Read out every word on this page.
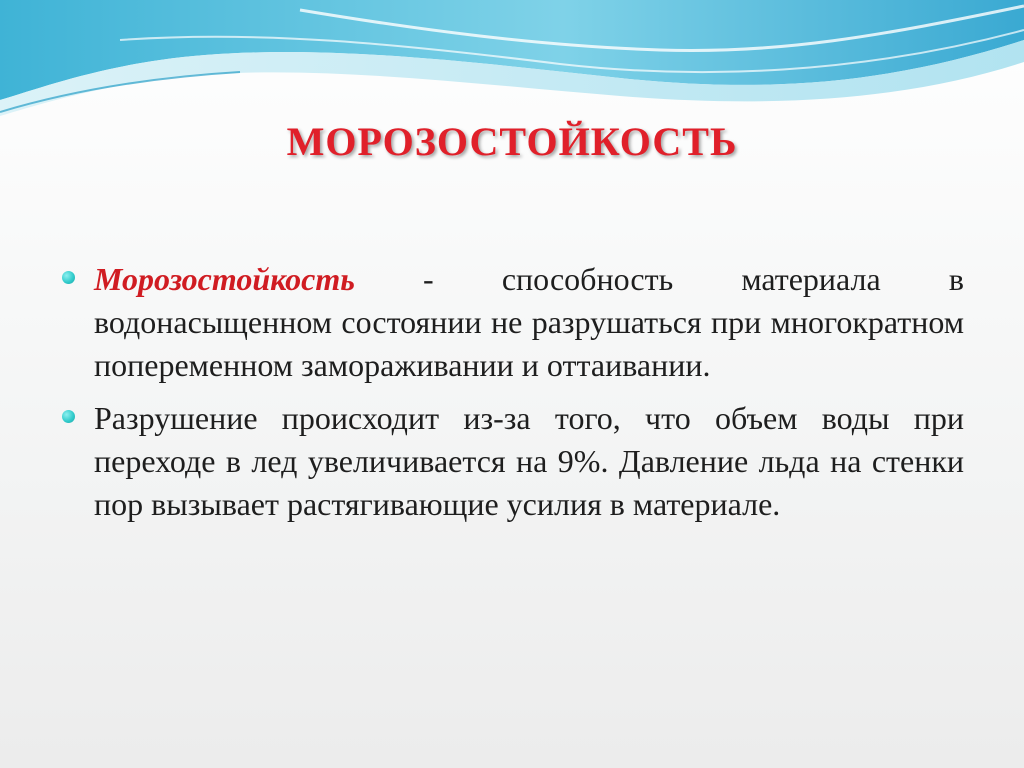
МОРОЗОСТОЙКОСТЬ
Морозостойкость - способность материала в водонасыщенном состоянии не разрушаться при многократном попеременном замораживании и оттаивании.
Разрушение происходит из-за того, что объем воды при переходе в лед увеличивается на 9%. Давление льда на стенки пор вызывает растягивающие усилия в материале.
